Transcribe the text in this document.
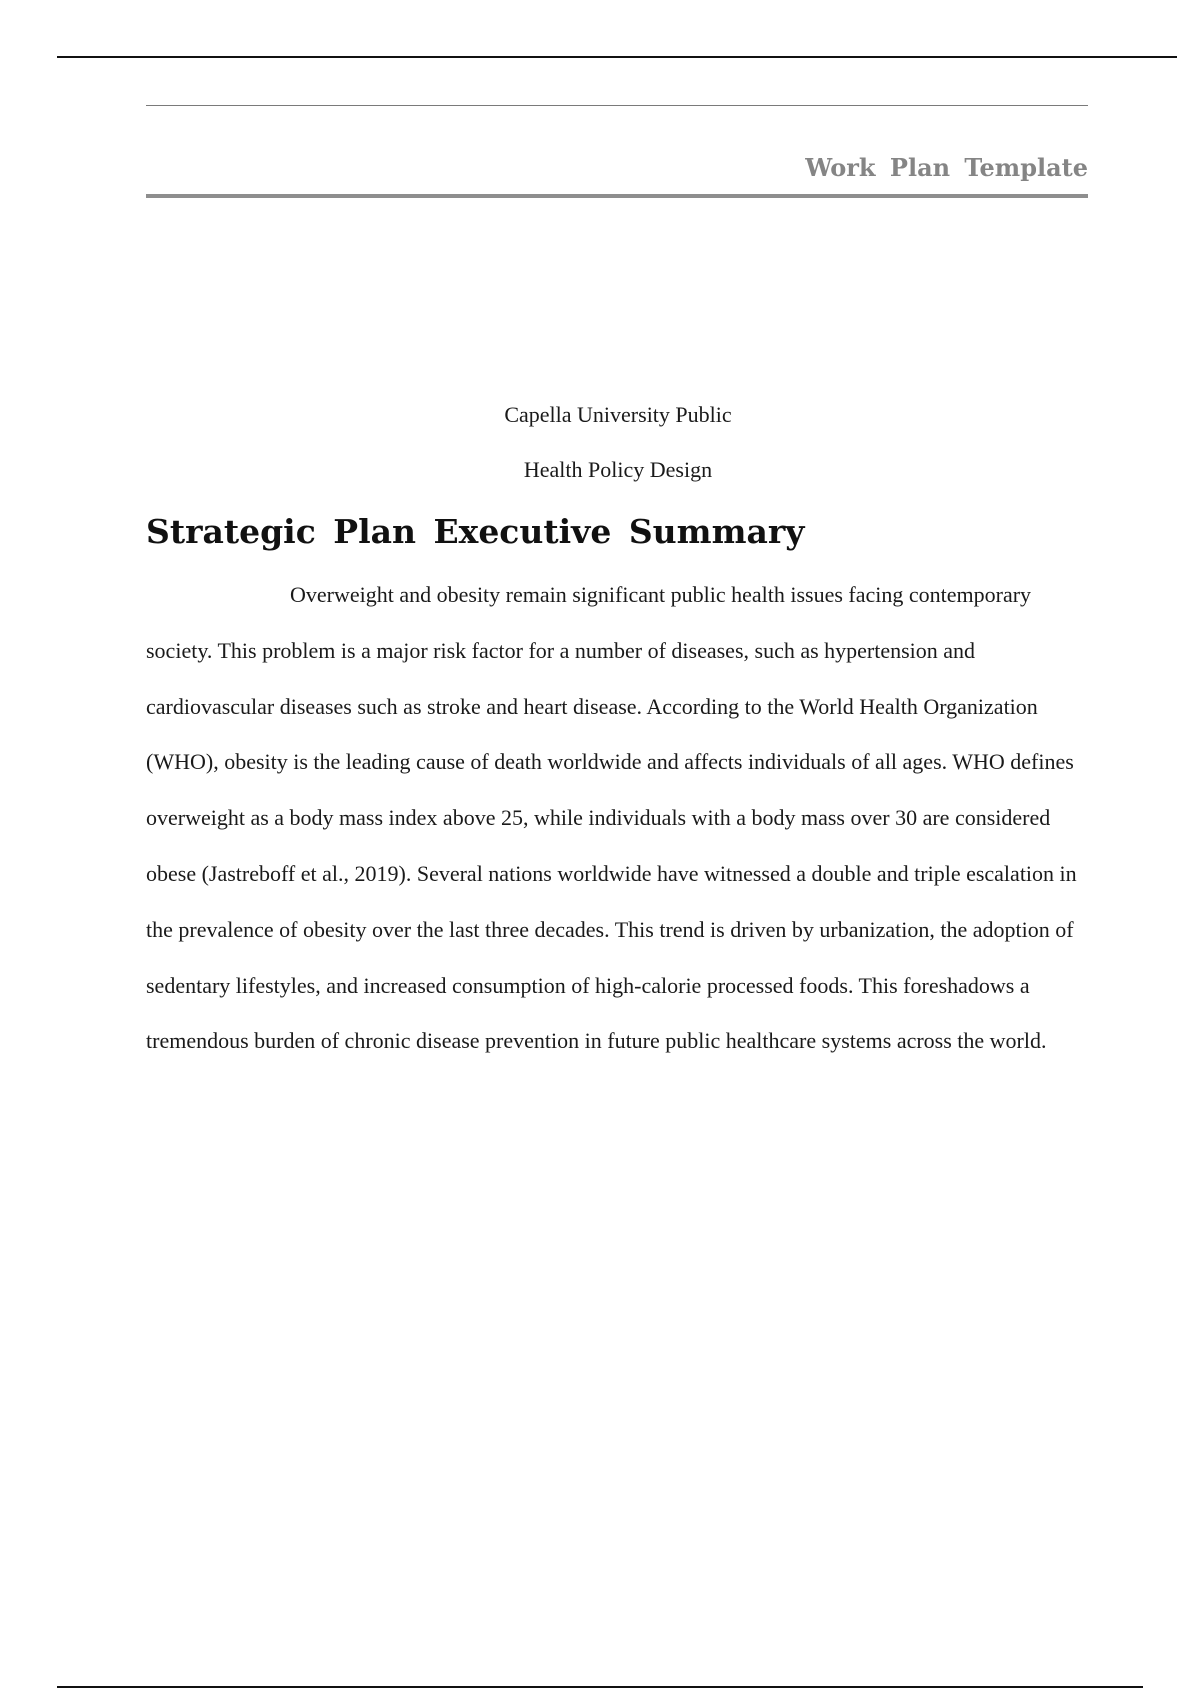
Work Plan Template
Capella University Public
Health Policy Design
Strategic Plan Executive Summary
Overweight and obesity remain significant public health issues facing contemporary society. This problem is a major risk factor for a number of diseases, such as hypertension and cardiovascular diseases such as stroke and heart disease. According to the World Health Organization (WHO), obesity is the leading cause of death worldwide and affects individuals of all ages. WHO defines overweight as a body mass index above 25, while individuals with a body mass over 30 are considered obese (Jastreboff et al., 2019). Several nations worldwide have witnessed a double and triple escalation in the prevalence of obesity over the last three decades. This trend is driven by urbanization, the adoption of sedentary lifestyles, and increased consumption of high-calorie processed foods. This foreshadows a tremendous burden of chronic disease prevention in future public healthcare systems across the world.
